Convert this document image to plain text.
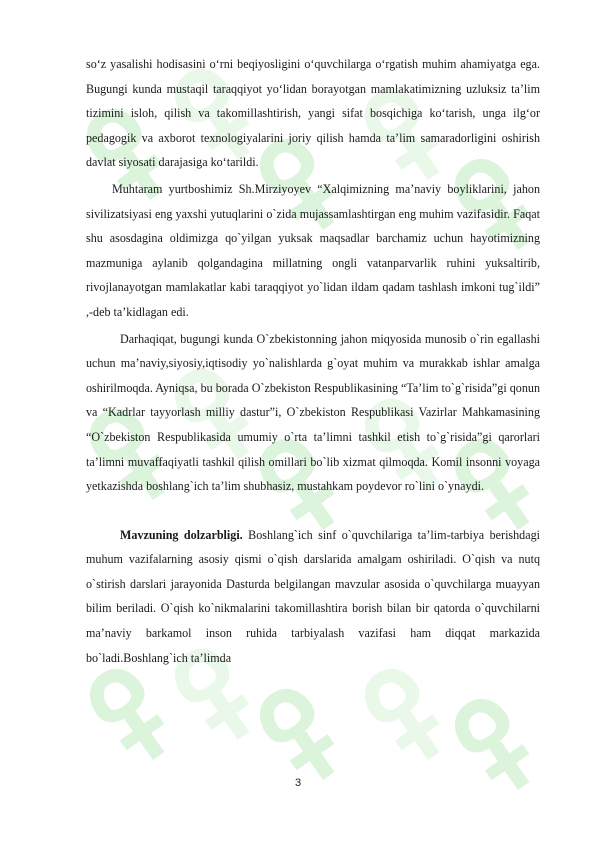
so‘z yasalishi hodisasini o‘rni beqiyosligini o‘quvchilarga o‘rgatish muhim ahamiyatga ega. Bugungi kunda mustaqil taraqqiyot yo‘lidan borayotgan mamlakatimizning uzluksiz ta’lim tizimini isloh, qilish va takomillashtirish, yangi sifat bosqichiga ko‘tarish, unga ilg‘or pedagogik va axborot texnologiyalarini joriy qilish hamda ta’lim samaradorligini oshirish davlat siyosati darajasiga ko‘tarildi.

Muhtaram yurtboshimiz Sh.Mirziyoyev “Xalqimizning ma’naviy boyliklarini, jahon sivilizatsiyasi eng yaxshi yutuqlarini o`zida mujassamlashtirgan eng muhim vazifasidir. Faqat shu asosdagina oldimizga qo`yilgan yuksak maqsadlar barchamiz uchun hayotimizning mazmuniga aylanib qolgandagina millatning ongli vatanparvarlik ruhini yuksaltirib, rivojlanayotgan mamlakatlar kabi taraqqiyot yo`lidan ildam qadam tashlash imkoni tug`ildi” ,-deb ta’kidlagan edi.

Darhaqiqat, bugungi kunda O`zbekistonning jahon miqyosida munosib o`rin egallashi uchun ma’naviy,siyosiy,iqtisodiy yo`nalishlarda g`oyat muhim va murakkab ishlar amalga oshirilmoqda. Ayniqsa, bu borada O`zbekiston Respublikasining “Ta’lim to`g`risida”gi qonun va “Kadrlar tayyorlash milliy dastur”i, O`zbekiston Respublikasi Vazirlar Mahkamasining “O`zbekiston Respublikasida umumiy o`rta ta’limni tashkil etish to`g`risida”gi qarorlari ta’limni muvaffaqiyatli tashkil qilish omillari bo`lib xizmat qilmoqda. Komil insonni voyaga yetkazishda boshlang`ich ta’lim shubhasiz, mustahkam poydevor ro`lini o`ynaydi.

Mavzuning dolzarbligi. Boshlang`ich sinf o`quvchilariga ta’lim-tarbiya berishdagi muhum vazifalarning asosiy qismi o`qish darslarida amalgam oshiriladi. O`qish va nutq o`stirish darslari jarayonida Dasturda belgilangan mavzular asosida o`quvchilarga muayyan bilim beriladi. O`qish ko`nikmalarini takomillashtira borish bilan bir qatorda o`quvchilarni ma’naviy barkamol inson ruhida tarbiyalash vazifasi ham diqqat markazida bo`ladi.Boshlang`ich ta’limda

3
